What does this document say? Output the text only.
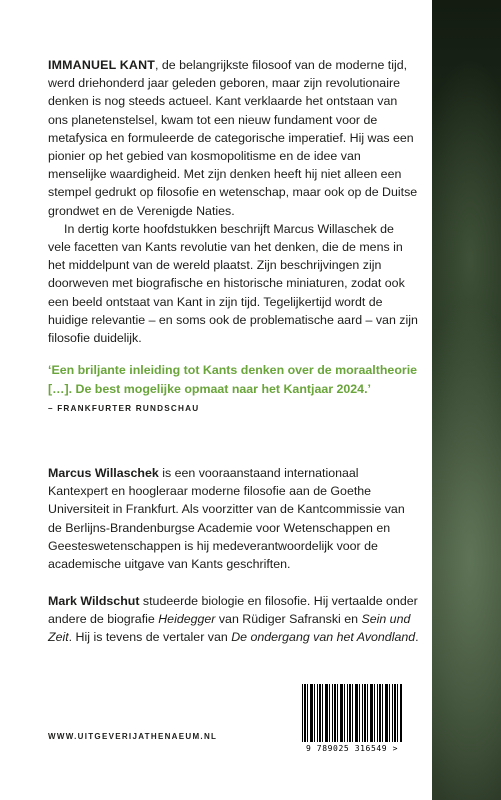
IMMANUEL KANT, de belangrijkste filosoof van de moderne tijd, werd driehonderd jaar geleden geboren, maar zijn revolutionaire denken is nog steeds actueel. Kant verklaarde het ontstaan van ons planetenstelsel, kwam tot een nieuw fundament voor de metafysica en formuleerde de categorische imperatief. Hij was een pionier op het gebied van kosmopolitisme en de idee van menselijke waardigheid. Met zijn denken heeft hij niet alleen een stempel gedrukt op filosofie en wetenschap, maar ook op de Duitse grondwet en de Verenigde Naties.

In dertig korte hoofdstukken beschrijft Marcus Willaschek de vele facetten van Kants revolutie van het denken, die de mens in het middelpunt van de wereld plaatst. Zijn beschrijvingen zijn doorweven met biografische en historische miniaturen, zodat ook een beeld ontstaat van Kant in zijn tijd. Tegelijkertijd wordt de huidige relevantie – en soms ook de problematische aard – van zijn filosofie duidelijk.

‘Een briljante inleiding tot Kants denken over de moraaltheorie […]. De best mogelijke opmaat naar het Kantjaar 2024.’

– FRANKFURTER RUNDSCHAU

Marcus Willaschek is een vooraanstaand internationaal Kantexpert en hoogleraar moderne filosofie aan de Goethe Universiteit in Frankfurt. Als voorzitter van de Kantcommissie van de Berlijns-Brandenburgse Academie voor Wetenschappen en Geesteswetenschappen is hij medeverantwoordelijk voor de academische uitgave van Kants geschriften.

Mark Wildschut studeerde biologie en filosofie. Hij vertaalde onder andere de biografie Heidegger van Rüdiger Safranski en Sein und Zeit. Hij is tevens de vertaler van De ondergang van het Avondland.

WWW.UITGEVERIJATHENAEUM.NL
9 789025 316549 >
